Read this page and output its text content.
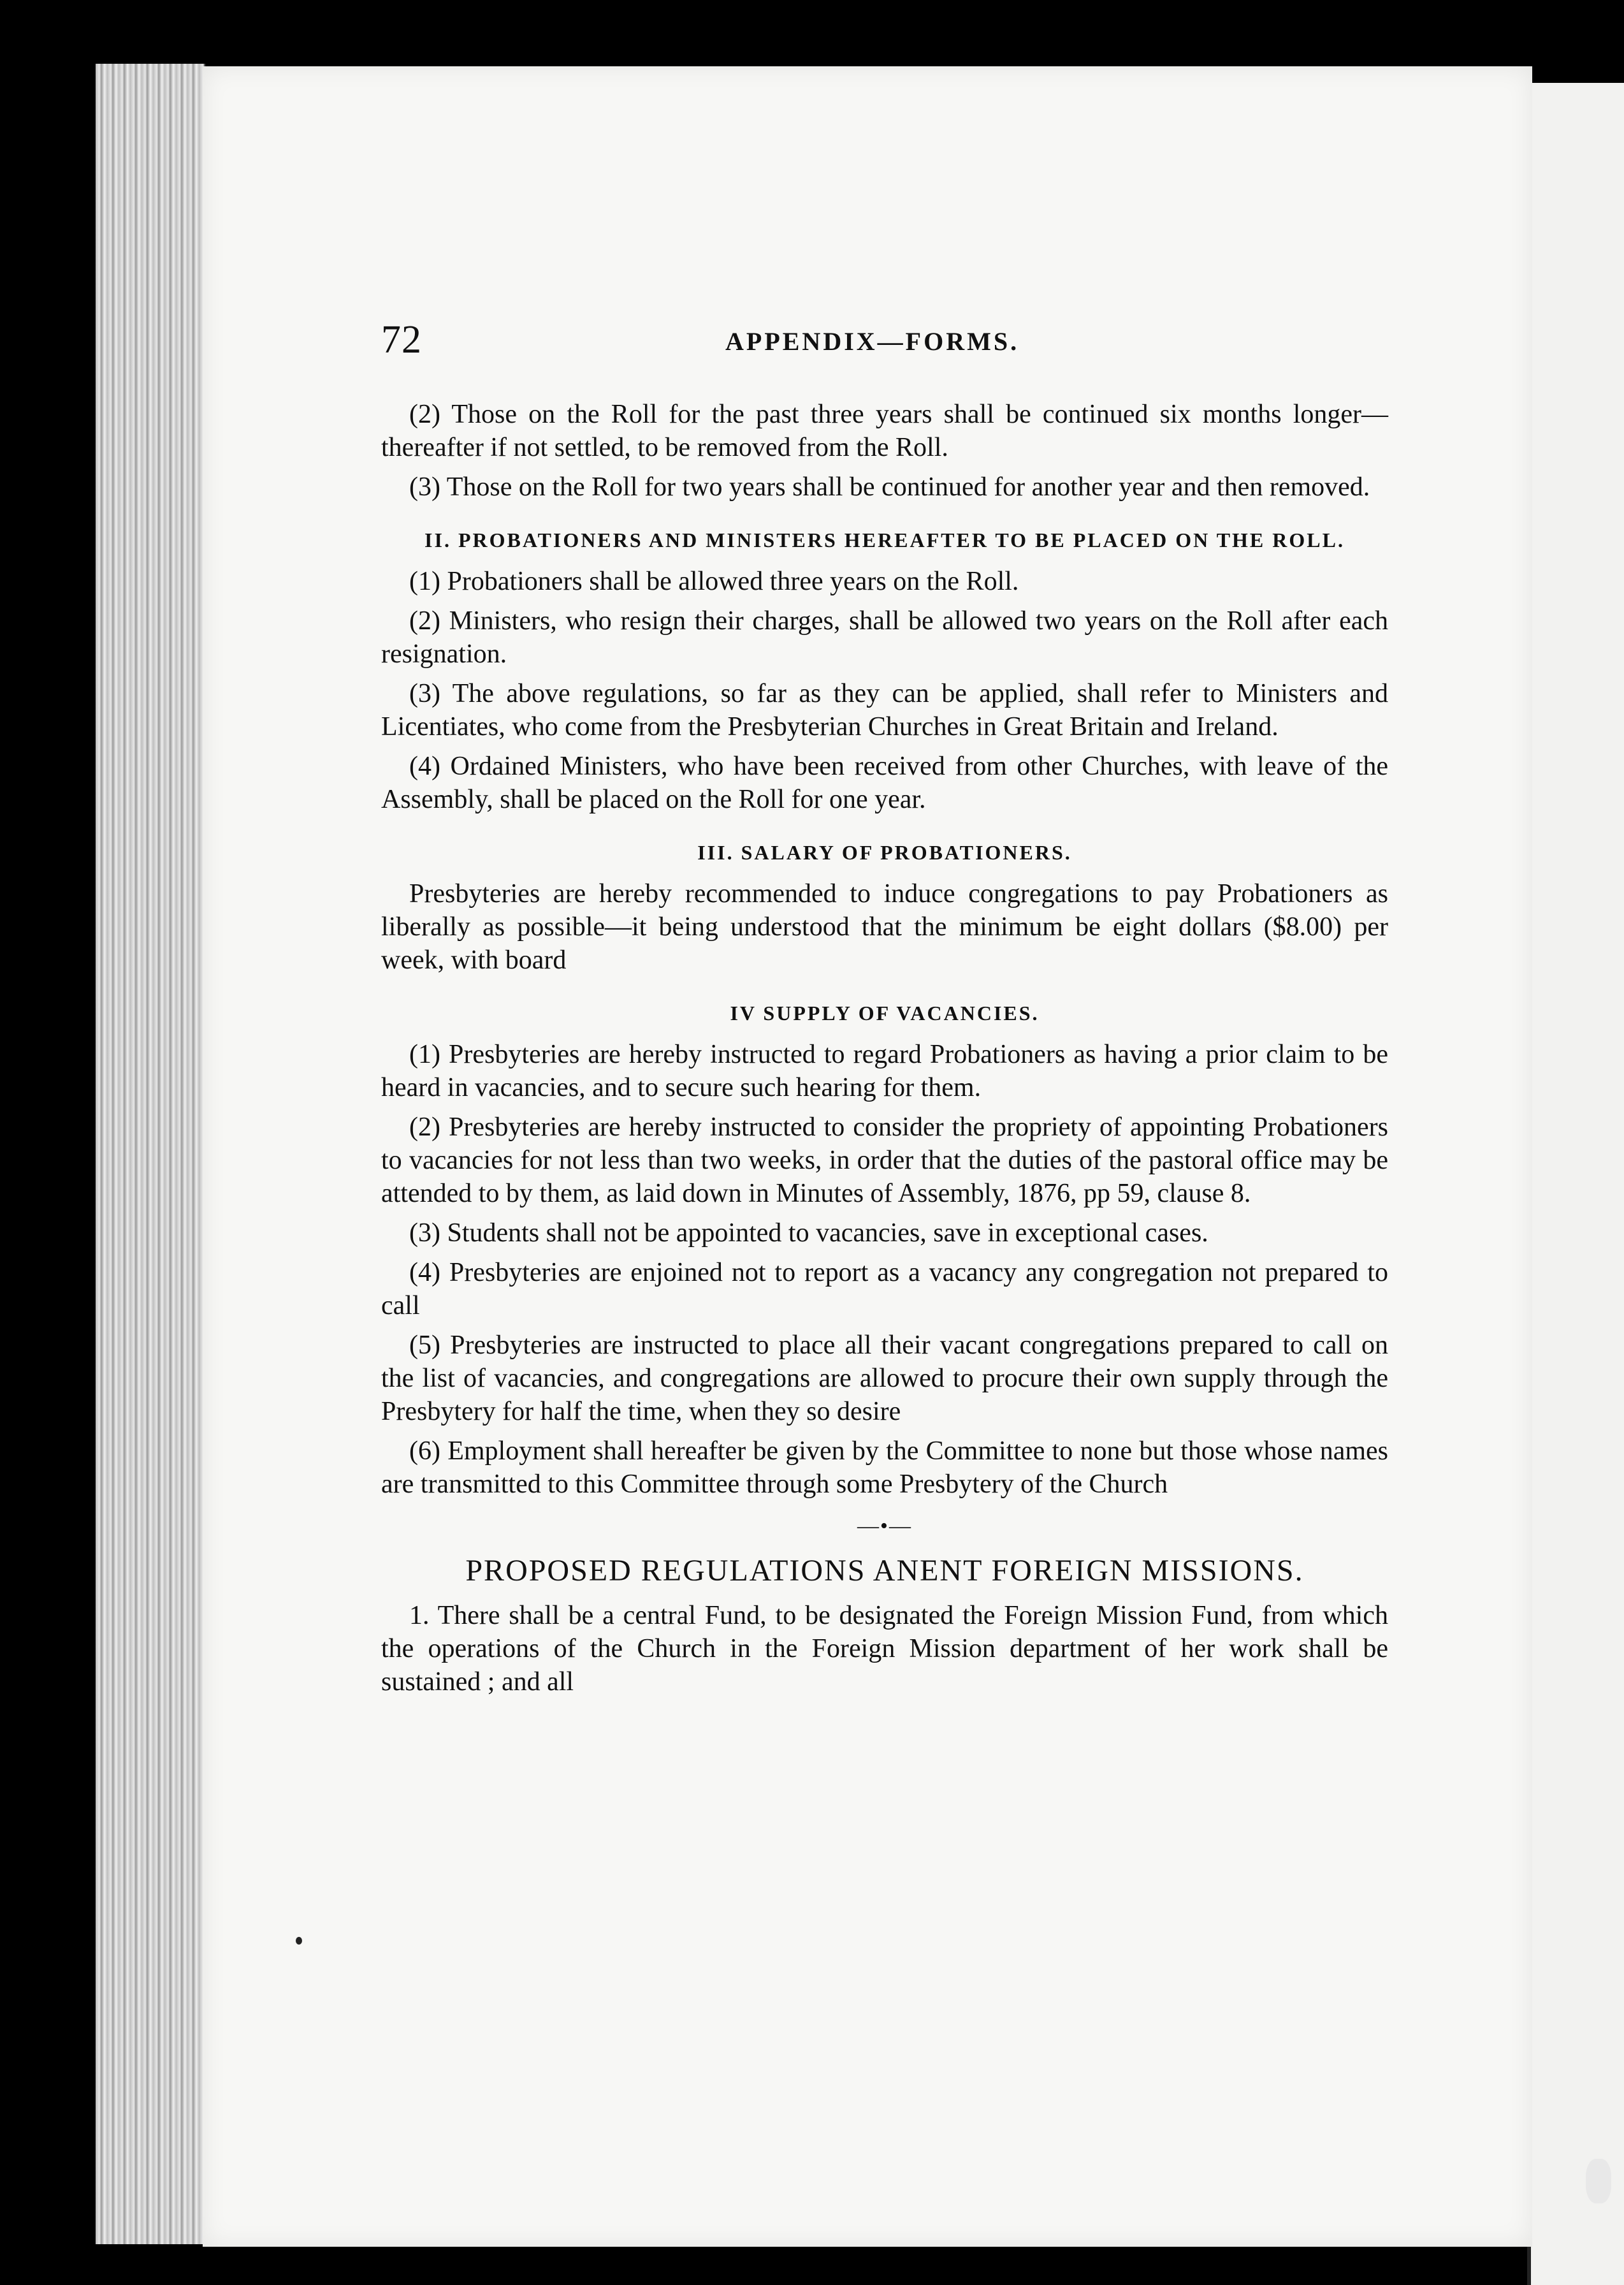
72	APPENDIX—FORMS.

(2) Those on the Roll for the past three years shall be continued six months longer—thereafter if not settled, to be removed from the Roll.

(3) Those on the Roll for two years shall be continued for another year and then removed.

II. PROBATIONERS AND MINISTERS HEREAFTER TO BE PLACED ON THE ROLL.

(1) Probationers shall be allowed three years on the Roll.

(2) Ministers, who resign their charges, shall be allowed two years on the Roll after each resignation.

(3) The above regulations, so far as they can be applied, shall refer to Ministers and Licentiates, who come from the Presbyterian Churches in Great Britain and Ireland.

(4) Ordained Ministers, who have been received from other Churches, with leave of the Assembly, shall be placed on the Roll for one year.

III. SALARY OF PROBATIONERS.

Presbyteries are hereby recommended to induce congregations to pay Probationers as liberally as possible—it being understood that the minimum be eight dollars ($8.00) per week, with board

IV SUPPLY OF VACANCIES.

(1) Presbyteries are hereby instructed to regard Probationers as having a prior claim to be heard in vacancies, and to secure such hearing for them.

(2) Presbyteries are hereby instructed to consider the propriety of appointing Probationers to vacancies for not less than two weeks, in order that the duties of the pastoral office may be attended to by them, as laid down in Minutes of Assembly, 1876, pp 59, clause 8.

(3) Students shall not be appointed to vacancies, save in exceptional cases.

(4) Presbyteries are enjoined not to report as a vacancy any congregation not prepared to call

(5) Presbyteries are instructed to place all their vacant congregations prepared to call on the list of vacancies, and congregations are allowed to procure their own supply through the Presbytery for half the time, when they so desire

(6) Employment shall hereafter be given by the Committee to none but those whose names are transmitted to this Committee through some Presbytery of the Church

—•—
PROPOSED REGULATIONS ANENT FOREIGN MISSIONS.

1. There shall be a central Fund, to be designated the Foreign Mission Fund, from which the operations of the Church in the Foreign Mission department of her work shall be sustained ; and all
